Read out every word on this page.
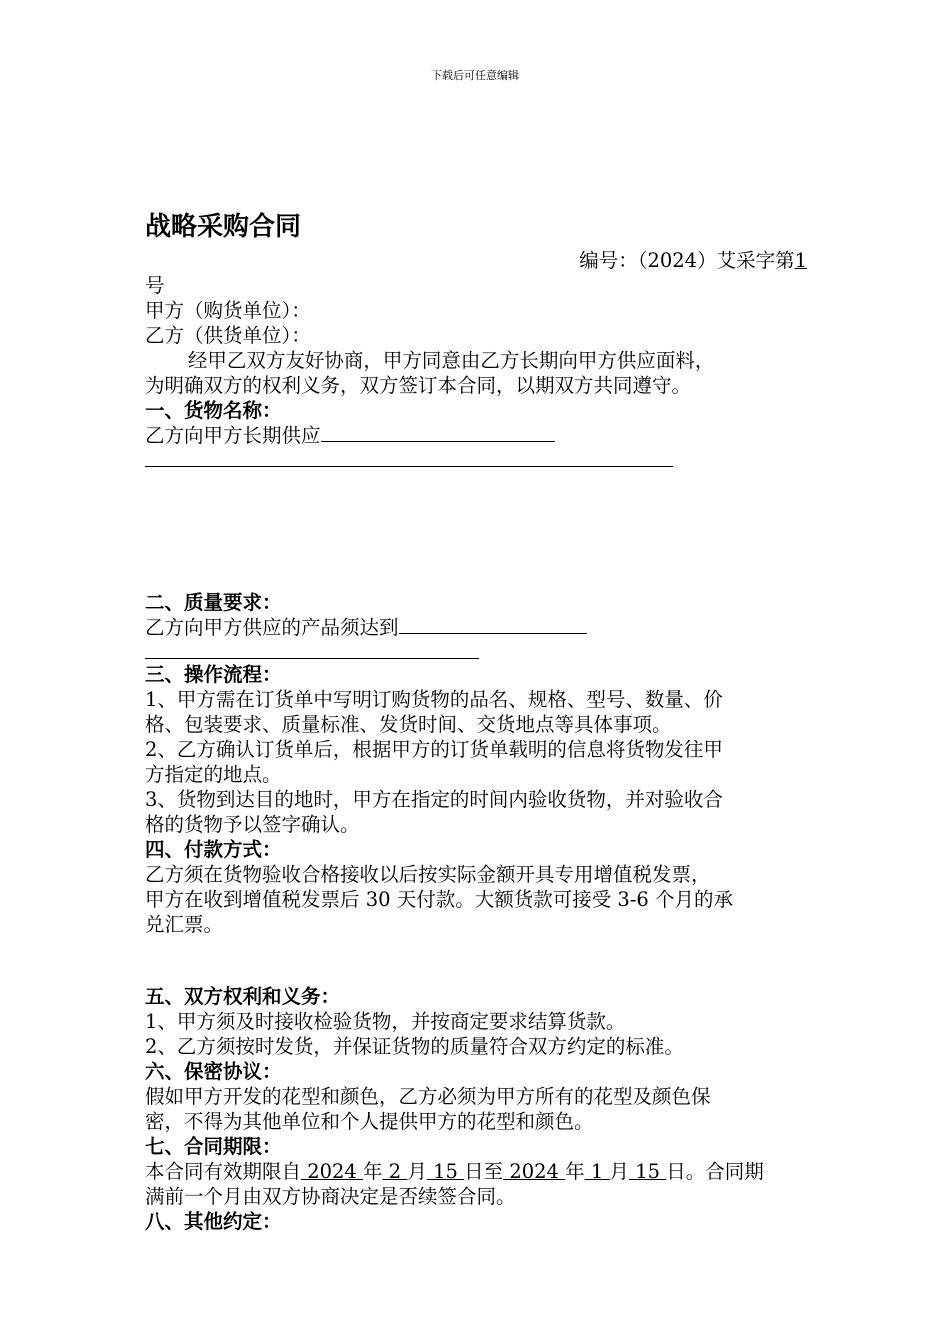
下载后可任意编辑
战略采购合同
编号：（2024）艾采字第1
号
甲方（购货单位）：
乙方（供货单位）：
经甲乙双方友好协商，甲方同意由乙方长期向甲方供应面料，
为明确双方的权利义务，双方签订本合同，以期双方共同遵守。
一、货物名称：
乙方向甲方长期供应
二、质量要求：
乙方向甲方供应的产品须达到
三、操作流程：
1、甲方需在订货单中写明订购货物的品名、规格、型号、数量、价
格、包装要求、质量标准、发货时间、交货地点等具体事项。
2、乙方确认订货单后，根据甲方的订货单载明的信息将货物发往甲
方指定的地点。
3、货物到达目的地时，甲方在指定的时间内验收货物，并对验收合
格的货物予以签字确认。
四、付款方式：
乙方须在货物验收合格接收以后按实际金额开具专用增值税发票，
甲方在收到增值税发票后 30 天付款。大额货款可接受 3-6 个月的承
兑汇票。
五、双方权利和义务：
1、甲方须及时接收检验货物，并按商定要求结算货款。
2、乙方须按时发货，并保证货物的质量符合双方约定的标准。
六、保密协议：
假如甲方开发的花型和颜色，乙方必须为甲方所有的花型及颜色保
密，不得为其他单位和个人提供甲方的花型和颜色。
七、合同期限：
本合同有效期限自 2024 年 2 月 15 日至 2024 年 1 月 15 日。合同期
满前一个月由双方协商决定是否续签合同。
八、其他约定：
